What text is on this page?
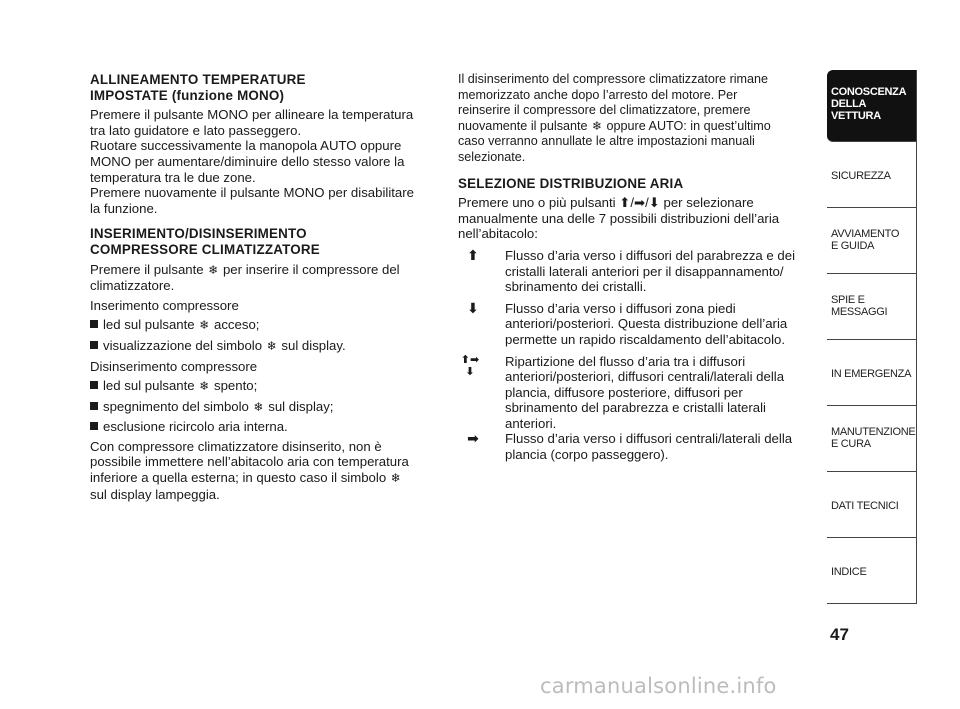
ALLINEAMENTO TEMPERATURE
IMPOSTATE (funzione MONO)
Premere il pulsante MONO per allineare la temperatura
tra lato guidatore e lato passeggero.
Ruotare successivamente la manopola AUTO oppure
MONO per aumentare/diminuire dello stesso valore la
temperatura tra le due zone.
Premere nuovamente il pulsante MONO per disabilitare
la funzione.
INSERIMENTO/DISINSERIMENTO
COMPRESSORE CLIMATIZZATORE
Premere il pulsante ❄ per inserire il compressore del
climatizzatore.
Inserimento compressore
led sul pulsante ❄ acceso;
visualizzazione del simbolo ❄ sul display.
Disinserimento compressore
led sul pulsante ❄ spento;
spegnimento del simbolo ❄ sul display;
esclusione ricircolo aria interna.
Con compressore climatizzatore disinserito, non è
possibile immettere nell’abitacolo aria con temperatura
inferiore a quella esterna; in questo caso il simbolo ❄
sul display lampeggia.
Il disinserimento del compressore climatizzatore rimane
memorizzato anche dopo l’arresto del motore. Per
reinserire il compressore del climatizzatore, premere
nuovamente il pulsante ❄ oppure AUTO: in quest’ultimo
caso verranno annullate le altre impostazioni manuali
selezionate.
SELEZIONE DISTRIBUZIONE ARIA
Premere uno o più pulsanti ⬆/➡/⬇ per selezionare
manualmente una delle 7 possibili distribuzioni dell’aria
nell’abitacolo:
⬆	Flusso d’aria verso i diffusori del parabrezza e dei
cristalli laterali anteriori per il disappannamento/
sbrinamento dei cristalli.
⬇	Flusso d’aria verso i diffusori zona piedi
anteriori/posteriori. Questa distribuzione dell’aria
permette un rapido riscaldamento dell’abitacolo.
⬆➡⬇
Ripartizione del flusso d’aria tra i diffusori
anteriori/posteriori, diffusori centrali/laterali della
plancia, diffusore posteriore, diffusori per
sbrinamento del parabrezza e cristalli laterali
anteriori.
➡	Flusso d’aria verso i diffusori centrali/laterali della
plancia (corpo passeggero).
CONOSCENZA
DELLA
VETTURA
SICUREZZA
AVVIAMENTO
E GUIDA
SPIE E
MESSAGGI
IN EMERGENZA
MANUTENZIONE
E CURA
DATI TECNICI
INDICE
47
carmanualsonline.info
